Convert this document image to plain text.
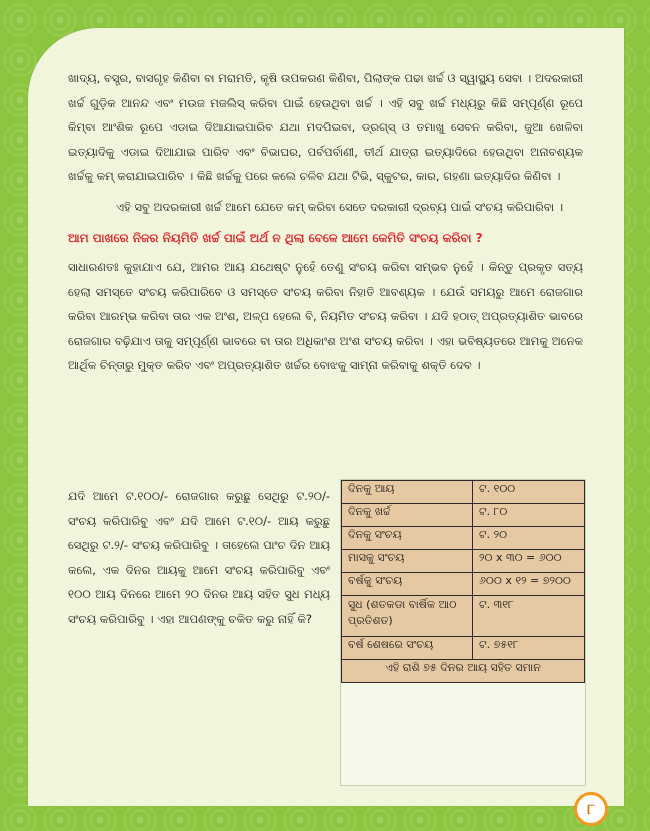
ଖାଦ୍ୟ, ବସ୍ତ୍ର, ବାସଗୃହ କିଣିବା ବା ମରାମତି, କୃଷି ଉପକରଣ କିଣିବା, ପିଲାଙ୍କ ପଢା ଖର୍ଚ୍ଚ ଓ ସ୍ୱାସ୍ଥ୍ୟ ସେବା । ଅଦରକାରୀ ଖର୍ଚ୍ଚ ଗୁଡ଼ିକ ଆନନ୍ଦ ଏବଂ ମଉଜ ମଜଲିସ୍ କରିବା ପାଇଁ ହେଉଥିବା ଖର୍ଚ୍ଚ । ଏହି ସବୁ ଖର୍ଚ୍ଚ ମଧ୍ୟରୁ କିଛି ସମ୍ପୂର୍ଣ୍ଣ ରୂପେ କିମ୍ବା ଆଂଶିକ ରୂପେ ଏଡାଇ ଦିଆଯାଇପାରିବ ଯଥା ମଦପିଇବା, ଡ୍ରଗ୍ସ୍ ଓ ତମାଖୁ ସେବନ କରିବା, ଜୁଆ ଖେଳିବା ଇତ୍ୟାଦିକୁ ଏଡାଇ ଦିଆଯାଇ ପାରିବ ଏବଂ ବିଭାଘର, ପର୍ବପର୍ବାଣୀ, ତୀର୍ଥ ଯାତ୍ରା ଇତ୍ୟାଦିରେ ହେଉଥିବା ଅନାବଶ୍ୟକ ଖର୍ଚ୍ଚକୁ କମ୍ କରାଯାଇପାରିବ । କିଛି ଖର୍ଚ୍ଚକୁ ପରେ କଲେ ଚଳିବ ଯଥା ଟିଭି, ସ୍କୁଟର, କାର, ଗହଣା ଇତ୍ୟାଦିର କିଣିବା ।

ଏହି ସବୁ ଅଦରକାରୀ ଖର୍ଚ୍ଚ ଆମେ ଯେତେ କମ୍ କରିବା ସେତେ ଦରକାରୀ ଦ୍ରବ୍ୟ ପାଇଁ ସଂଚୟ କରିପାରିବା ।

ଆମ ପାଖରେ ନିଜର ନିୟମିତି ଖର୍ଚ୍ଚ ପାଇଁ ଅର୍ଥ ନ ଥିଲା ବେଳେ ଆମେ କେମିତି ସଂଚୟ କରିବା ?

ସାଧାରଣତଃ କୁହାଯାଏ ଯେ, ଆମର ଆୟ ଯଥେଷ୍ଟ ନୁହେଁ ତେଣୁ ସଂଚୟ କରିବା ସମ୍ଭବ ନୁହେଁ । କିନ୍ତୁ ପ୍ରକୃତ ସତ୍ୟ ହେଲା ସମସ୍ତେ ସଂଚୟ କରିପାରିବେ ଓ ସମସ୍ତେ ସଂଚୟ କରିବା ନିହାତି ଆବଶ୍ୟକ । ଯେଉଁ ସମୟରୁ ଆମେ ରୋଜଗାର କରିବା ଆରମ୍ଭ କରିବା ତାର ଏକ ଅଂଶ, ଅଳ୍ପ ହେଲେ ବି, ନିୟମିତ ସଂଚୟ କରିବା । ଯଦି ହଠାତ୍ ଅପ୍ରତ୍ୟାଶିତ ଭାବରେ ରୋଜଗାର ବଢ଼ିଯାଏ ତାକୁ ସମ୍ପୂର୍ଣ୍ଣ ଭାବରେ ବା ତାର ଅଧିକାଂଶ ଅଂଶ ସଂଚୟ କରିବା । ଏହା ଭବିଷ୍ୟତରେ ଆମକୁ ଅନେକ ଆର୍ଥିକ ଚିନ୍ତାରୁ ମୁକ୍ତ କରିବ ଏବଂ ଅପ୍ରତ୍ୟାଶିତ ଖର୍ଚ୍ଚର ବୋଝକୁ ସାମ୍ନା କରିବାକୁ ଶକ୍ତି ଦେବ ।

ଯଦି ଆମେ ଟ.୧୦୦/- ରୋଜଗାର କରୁଛୁ ସେଥିରୁ ଟ.୨୦/- ସଂଚୟ କରିପାରିବୁ ଏବଂ ଯଦି ଆମେ ଟ.୧୦/- ଆୟ କରୁଛୁ ସେଥିରୁ ଟ.୨/- ସଂଚୟ କରିପାରିବୁ । ତାହେଲେ ପାଂଚ ଦିନ ଆୟ କଲେ, ଏକ ଦିନର ଆୟକୁ ଆମେ ସଂଚୟ କରିପାରିବୁ ଏବଂ ୧୦୦ ଆୟ ଦିନରେ ଆମେ ୨୦ ଦିନର ଆୟ ସହିତ ସୁଧ ମଧ୍ୟ ସଂଚୟ କରିପାରିବୁ । ଏହା ଆପଣଙ୍କୁ ଚକିତ କରୁ ନାହିଁ କି?
ଦିନକୁ ଆୟ	ଟ. ୧୦୦
ଦିନକୁ ଖର୍ଚ୍ଚ	ଟ. ୮୦
ଦିନକୁ ସଂଚୟ	ଟ. ୨୦
ମାସକୁ ସଂଚୟ	୨୦ x ୩୦ = ୬୦୦
ବର୍ଷକୁ ସଂଚୟ	୬୦୦ x ୧୨ = ୭୨୦୦
ସୁଧ (ଶତକଡା ବାର୍ଷିକ ଆଠ ପ୍ରତିଶତ)	ଟ. ୩୧୮
ବର୍ଷ ଶେଷରେ ସଂଚୟ	ଟ. ୭୫୧୮
ଏହି ରାଶି ୭୫ ଦିନର ଆୟ ସହିତ ସମାନ	
୮
